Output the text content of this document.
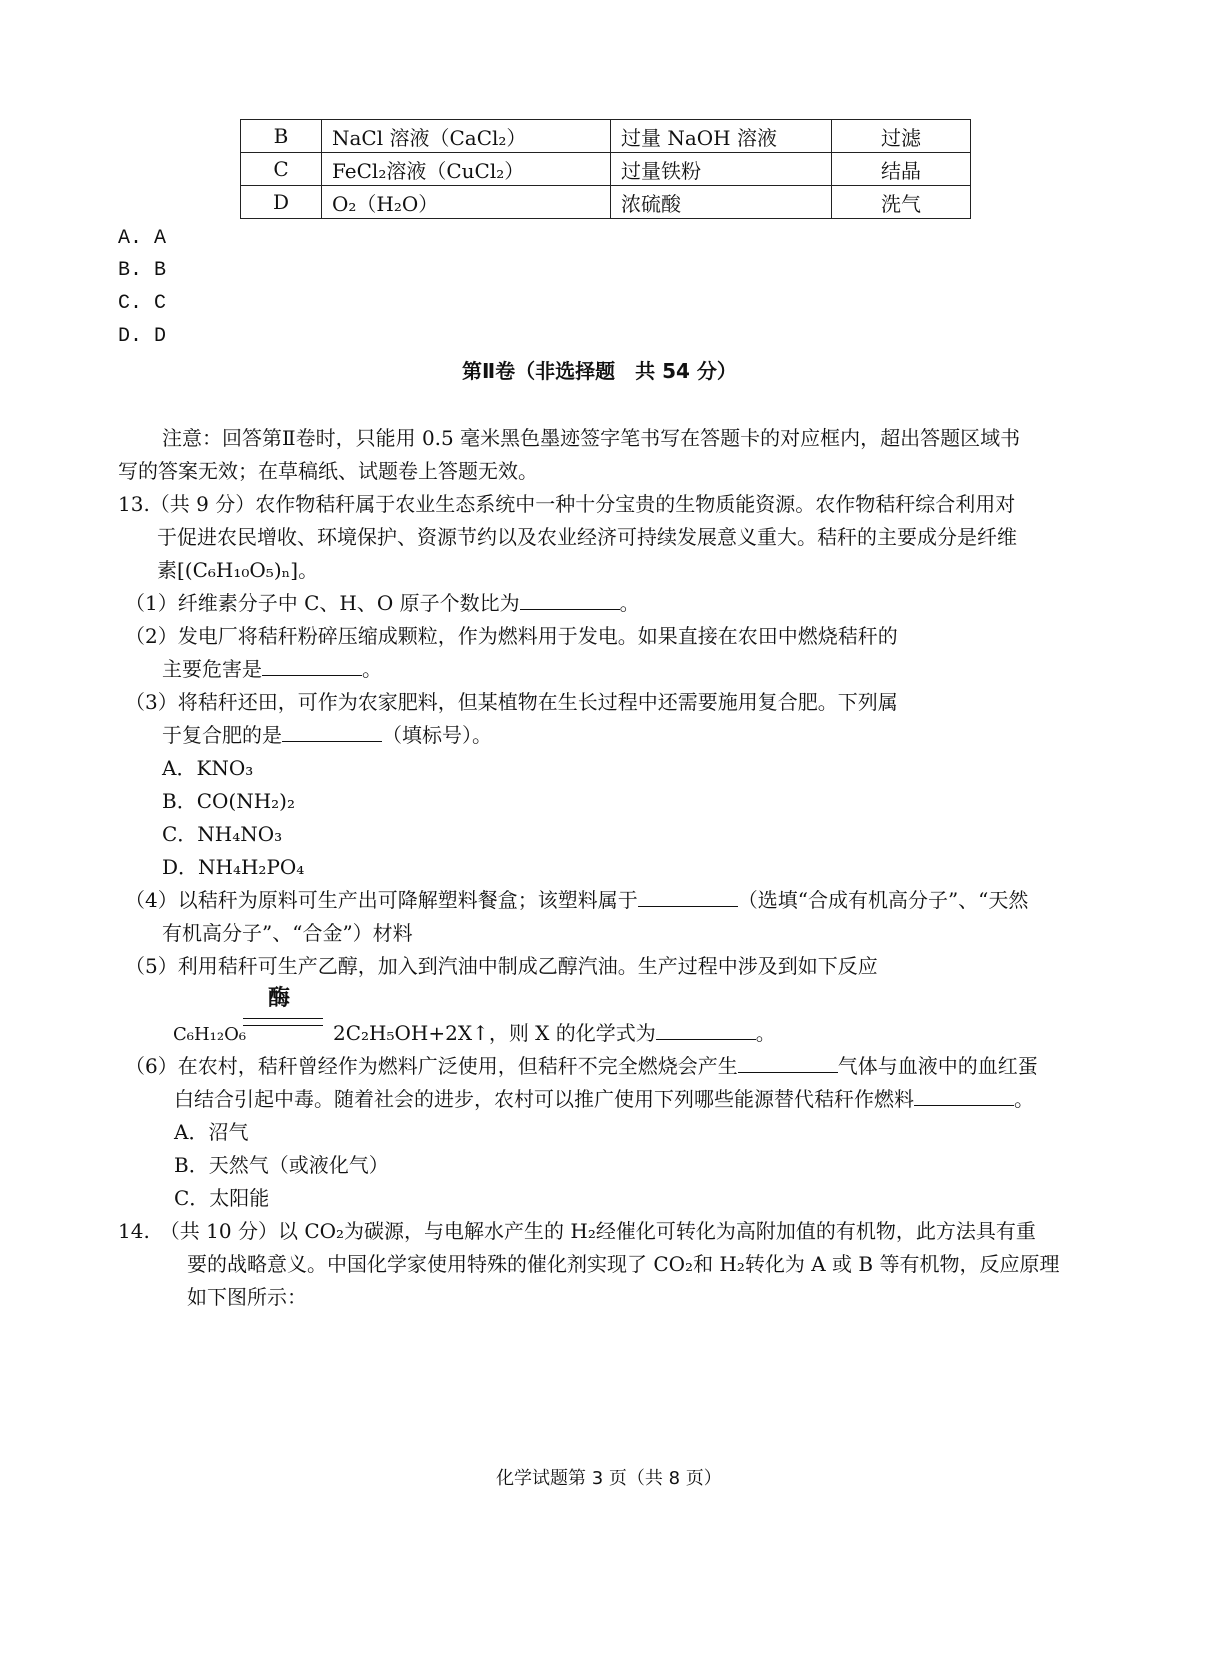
B	NaCl 溶液（CaCl₂）	过量 NaOH 溶液	过滤
C	FeCl₂溶液（CuCl₂）	过量铁粉	结晶
D	O₂（H₂O）	浓硫酸	洗气
A. A
B. B
C. C
D. D
第Ⅱ卷（非选择题　共 54 分）
注意：回答第Ⅱ卷时，只能用 0.5 毫米黑色墨迹签字笔书写在答题卡的对应框内，超出答题区域书
写的答案无效；在草稿纸、试题卷上答题无效。
13.（共 9 分）农作物秸秆属于农业生态系统中一种十分宝贵的生物质能资源。农作物秸秆综合利用对
于促进农民增收、环境保护、资源节约以及农业经济可持续发展意义重大。秸秆的主要成分是纤维
素[(C₆H₁₀O₅)ₙ]。
（1）纤维素分子中 C、H、O 原子个数比为	。
（2）发电厂将秸秆粉碎压缩成颗粒，作为燃料用于发电。如果直接在农田中燃烧秸秆的
主要危害是	。
（3）将秸秆还田，可作为农家肥料，但某植物在生长过程中还需要施用复合肥。下列属
于复合肥的是	（填标号）。
A．KNO₃
B．CO(NH₂)₂
C．NH₄NO₃
D．NH₄H₂PO₄
（4）以秸秆为原料可生产出可降解塑料餐盒；该塑料属于	（选填“合成有机高分子”、“天然
有机高分子”、“合金”）材料
（5）利用秸秆可生产乙醇，加入到汽油中制成乙醇汽油。生产过程中涉及到如下反应
酶
C₆H₁₂O₆	2C₂H₅OH+2X↑，则 X 的化学式为	。
（6）在农村，秸秆曾经作为燃料广泛使用，但秸秆不完全燃烧会产生	气体与血液中的血红蛋
白结合引起中毒。随着社会的进步，农村可以推广使用下列哪些能源替代秸秆作燃料	。
A．沼气
B．天然气（或液化气）
C．太阳能
14.　（共 10 分）以 CO₂为碳源，与电解水产生的 H₂经催化可转化为高附加值的有机物，此方法具有重
要的战略意义。中国化学家使用特殊的催化剂实现了 CO₂和 H₂转化为 A 或 B 等有机物，反应原理
如下图所示：
化学试题第 3 页（共 8 页）
